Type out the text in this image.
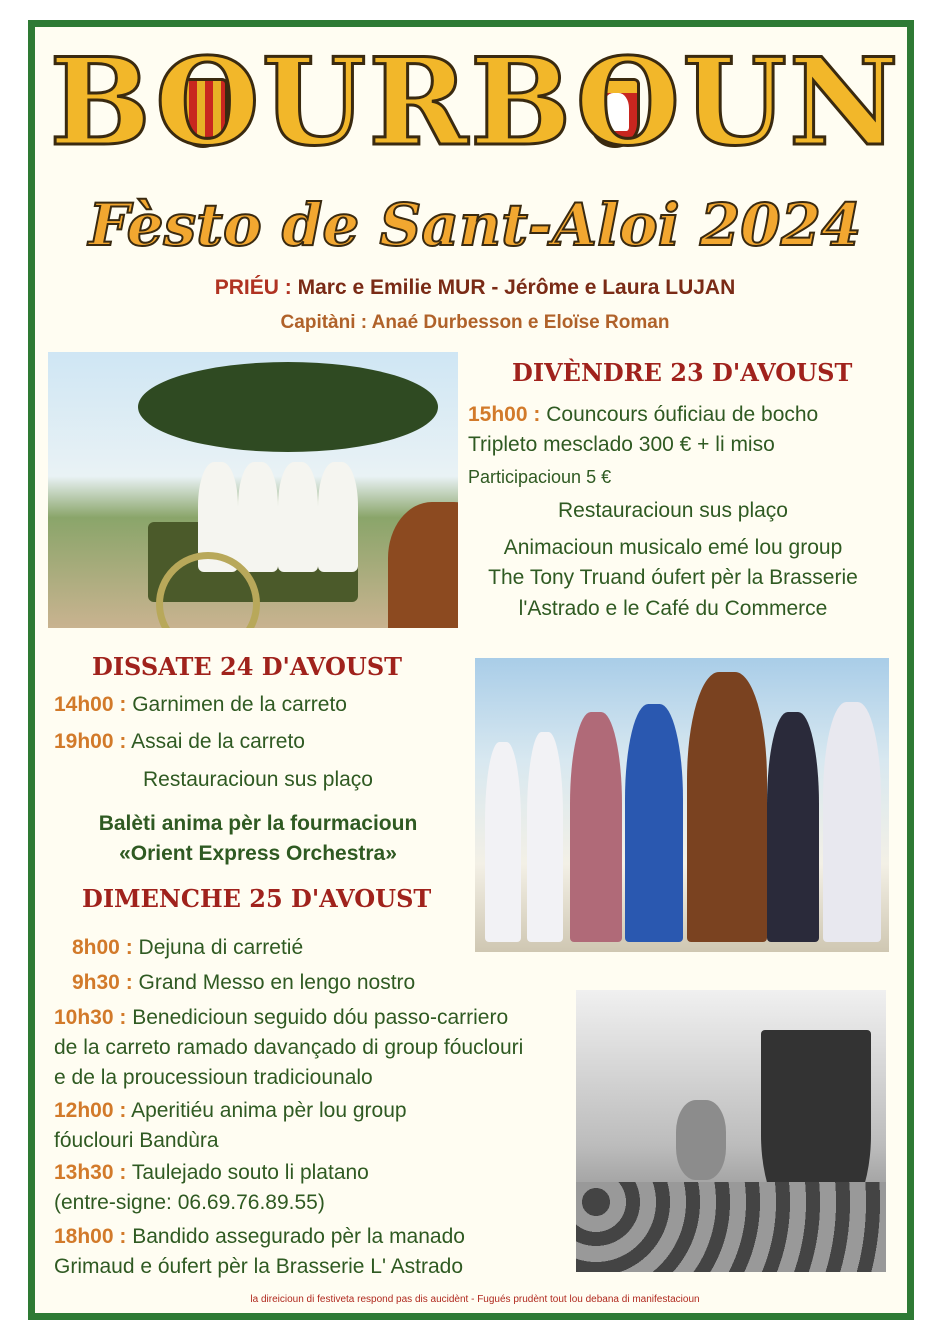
BOURBOUN
Fèsto de Sant-Aloi 2024
PRIÉU : Marc e Emilie MUR - Jérôme e Laura LUJAN
Capitàni : Anaé Durbesson e Eloïse Roman
DIVÈNDRE 23 D'AVOUST
15h00 : Councours óuficiau de bocho
Tripleto mesclado 300 € + li miso
Participacioun 5 €
Restauracioun sus plaço
Animacioun musicalo emé lou group
The Tony Truand óufert pèr la Brasserie
l'Astrado e le Café du Commerce
DISSATE 24 D'AVOUST
14h00 : Garnimen de la carreto
19h00 : Assai de la carreto
Restauracioun sus plaço
Balèti anima pèr la fourmacioun
«Orient Express Orchestra»
DIMENCHE 25 D'AVOUST
8h00 : Dejuna di carretié
9h30 : Grand Messo en lengo nostro
10h30 : Benedicioun seguido dóu passo-carriero
de la carreto ramado davançado di group fóuclouri
e de la proucessioun tradiciounalo
12h00 : Aperitiéu anima pèr lou group
fóuclouri Bandùra
13h30 : Taulejado souto li platano
(entre-signe: 06.69.76.89.55)
18h00 : Bandido assegurado pèr la manado
Grimaud e óufert pèr la Brasserie L' Astrado
la direicioun di festiveta respond pas dis aucidènt - Fugués prudènt tout lou debana di manifestacioun
